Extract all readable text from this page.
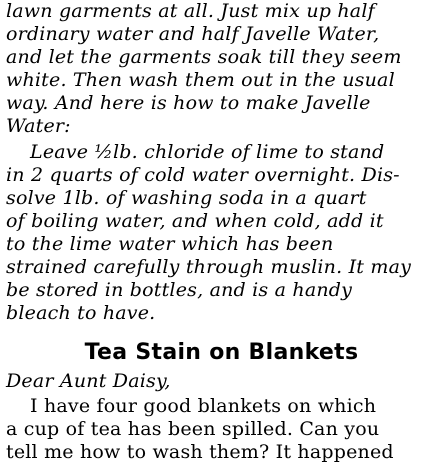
lawn garments at all. Just mix up half
ordinary water and half Javelle Water,
and let the garments soak till they seem
white. Then wash them out in the usual
way. And here is how to make Javelle
Water:
Leave ½lb. chloride of lime to stand
in 2 quarts of cold water overnight. Dis-
solve 1lb. of washing soda in a quart
of boiling water, and when cold, add it
to the lime water which has been
strained carefully through muslin. It may
be stored in bottles, and is a handy
bleach to have.
Tea Stain on Blankets
Dear Aunt Daisy,
I have four good blankets on which
a cup of tea has been spilled. Can you
tell me how to wash them? It happened
